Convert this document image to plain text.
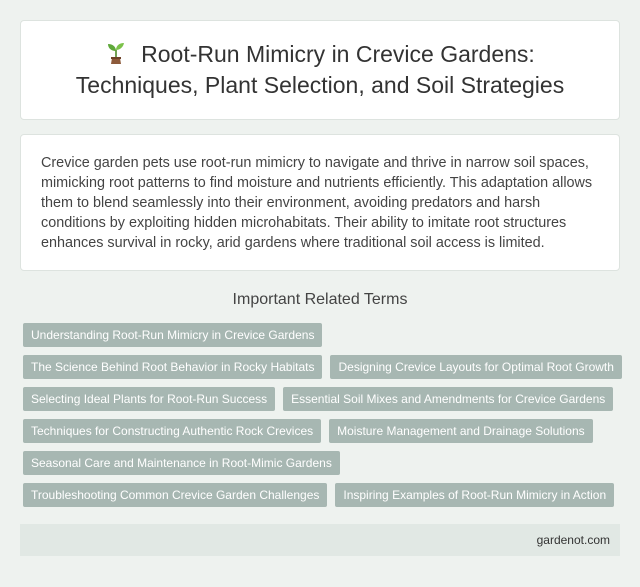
Root-Run Mimicry in Crevice Gardens: Techniques, Plant Selection, and Soil Strategies

Crevice garden pets use root-run mimicry to navigate and thrive in narrow soil spaces, mimicking root patterns to find moisture and nutrients efficiently. This adaptation allows them to blend seamlessly into their environment, avoiding predators and harsh conditions by exploiting hidden microhabitats. Their ability to imitate root structures enhances survival in rocky, arid gardens where traditional soil access is limited.

Important Related Terms
Understanding Root-Run Mimicry in Crevice Gardens
The Science Behind Root Behavior in Rocky Habitats	Designing Crevice Layouts for Optimal Root Growth
Selecting Ideal Plants for Root-Run Success	Essential Soil Mixes and Amendments for Crevice Gardens
Techniques for Constructing Authentic Rock Crevices	Moisture Management and Drainage Solutions
Seasonal Care and Maintenance in Root-Mimic Gardens
Troubleshooting Common Crevice Garden Challenges	Inspiring Examples of Root-Run Mimicry in Action
gardenot.com
